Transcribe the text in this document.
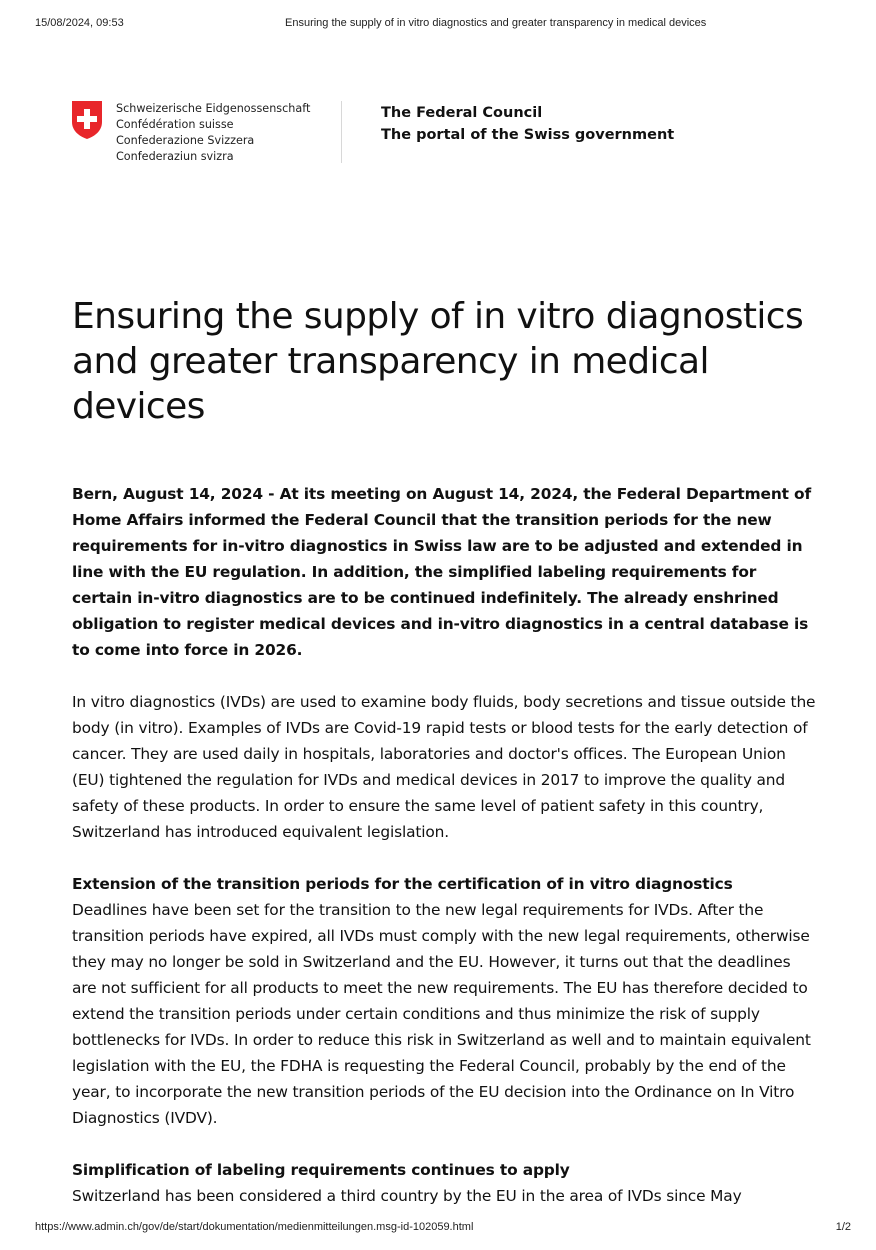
15/08/2024, 09:53	Ensuring the supply of in vitro diagnostics and greater transparency in medical devices
Schweizerische Eidgenossenschaft
Confédération suisse
Confederazione Svizzera
Confederaziun svizra
The Federal Council
The portal of the Swiss government
Ensuring the supply of in vitro diagnostics and greater transparency in medical devices

Bern, August 14, 2024 - At its meeting on August 14, 2024, the Federal Department of Home Affairs informed the Federal Council that the transition periods for the new requirements for in-vitro diagnostics in Swiss law are to be adjusted and extended in line with the EU regulation. In addition, the simplified labeling requirements for certain in-vitro diagnostics are to be continued indefinitely. The already enshrined obligation to register medical devices and in-vitro diagnostics in a central database is to come into force in 2026.

In vitro diagnostics (IVDs) are used to examine body fluids, body secretions and tissue outside the body (in vitro). Examples of IVDs are Covid-19 rapid tests or blood tests for the early detection of cancer. They are used daily in hospitals, laboratories and doctor's offices. The European Union (EU) tightened the regulation for IVDs and medical devices in 2017 to improve the quality and safety of these products. In order to ensure the same level of patient safety in this country, Switzerland has introduced equivalent legislation.

Extension of the transition periods for the certification of in vitro diagnostics

Deadlines have been set for the transition to the new legal requirements for IVDs. After the transition periods have expired, all IVDs must comply with the new legal requirements, otherwise they may no longer be sold in Switzerland and the EU. However, it turns out that the deadlines are not sufficient for all products to meet the new requirements. The EU has therefore decided to extend the transition periods under certain conditions and thus minimize the risk of supply bottlenecks for IVDs. In order to reduce this risk in Switzerland as well and to maintain equivalent legislation with the EU, the FDHA is requesting the Federal Council, probably by the end of the year, to incorporate the new transition periods of the EU decision into the Ordinance on In Vitro Diagnostics (IVDV).

Simplification of labeling requirements continues to apply

Switzerland has been considered a third country by the EU in the area of IVDs since May

https://www.admin.ch/gov/de/start/dokumentation/medienmitteilungen.msg-id-102059.html	1/2
